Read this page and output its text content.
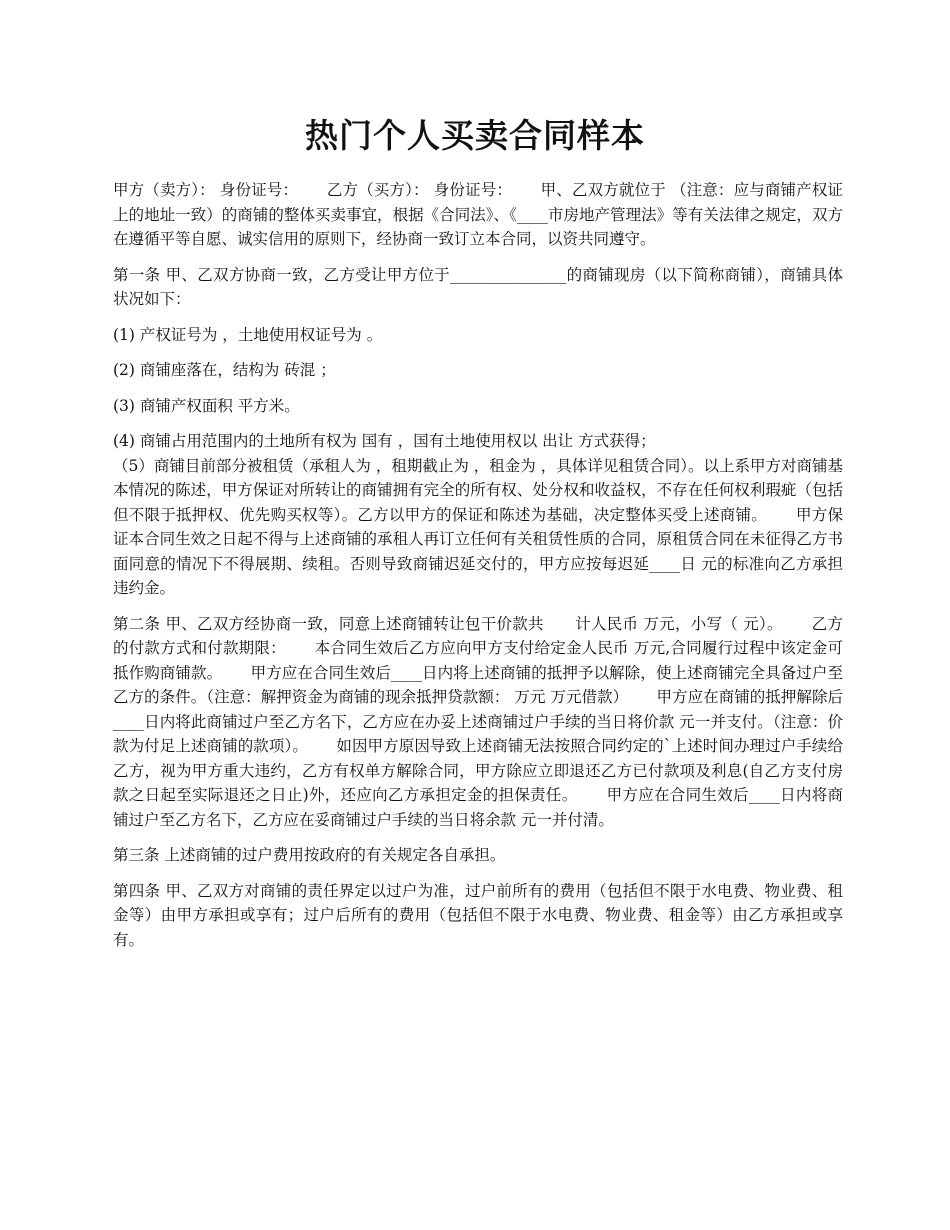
热门个人买卖合同样本

甲方（卖方）： 身份证号：　　 乙方（买方）： 身份证号：　　 甲、乙双方就位于 （注意：应与商铺产权证上的地址一致）的商铺的整体买卖事宜，根据《合同法》、《____市房地产管理法》等有关法律之规定，双方在遵循平等自愿、诚实信用的原则下，经协商一致订立本合同，以资共同遵守。

第一条 甲、乙双方协商一致，乙方受让甲方位于_______________的商铺现房（以下简称商铺），商铺具体状况如下：

(1) 产权证号为 ，土地使用权证号为 。

(2) 商铺座落在，结构为 砖混 ；

(3) 商铺产权面积 平方米。

(4) 商铺占用范围内的土地所有权为 国有 ，国有土地使用权以 出让 方式获得；

（5）商铺目前部分被租赁（承租人为 ，租期截止为 ，租金为 ，具体详见租赁合同）。以上系甲方对商铺基本情况的陈述，甲方保证对所转让的商铺拥有完全的所有权、处分权和收益权，不存在任何权利瑕疵（包括但不限于抵押权、优先购买权等）。乙方以甲方的保证和陈述为基础，决定整体买受上述商铺。　　 甲方保证本合同生效之日起不得与上述商铺的承租人再订立任何有关租赁性质的合同，原租赁合同在未征得乙方书面同意的情况下不得展期、续租。否则导致商铺迟延交付的，甲方应按每迟延____日 元的标准向乙方承担违约金。

第二条 甲、乙双方经协商一致，同意上述商铺转让包干价款共　　计人民币 万元，小写（ 元）。　　 乙方的付款方式和付款期限：　　 本合同生效后乙方应向甲方支付给定金人民币 万元,合同履行过程中该定金可抵作购商铺款。　　 甲方应在合同生效后____日内将上述商铺的抵押予以解除，使上述商铺完全具备过户至乙方的条件。（注意：解押资金为商铺的现余抵押贷款额： 万元 万元借款）　　 甲方应在商铺的抵押解除后____日内将此商铺过户至乙方名下，乙方应在办妥上述商铺过户手续的当日将价款 元一并支付。（注意：价款为付足上述商铺的款项）。　　 如因甲方原因导致上述商铺无法按照合同约定的`上述时间办理过户手续给乙方，视为甲方重大违约，乙方有权单方解除合同，甲方除应立即退还乙方已付款项及利息(自乙方支付房款之日起至实际退还之日止)外，还应向乙方承担定金的担保责任。　　 甲方应在合同生效后____日内将商铺过户至乙方名下，乙方应在妥商铺过户手续的当日将余款 元一并付清。

第三条 上述商铺的过户费用按政府的有关规定各自承担。

第四条 甲、乙双方对商铺的责任界定以过户为准，过户前所有的费用（包括但不限于水电费、物业费、租金等）由甲方承担或享有；过户后所有的费用（包括但不限于水电费、物业费、租金等）由乙方承担或享有。
